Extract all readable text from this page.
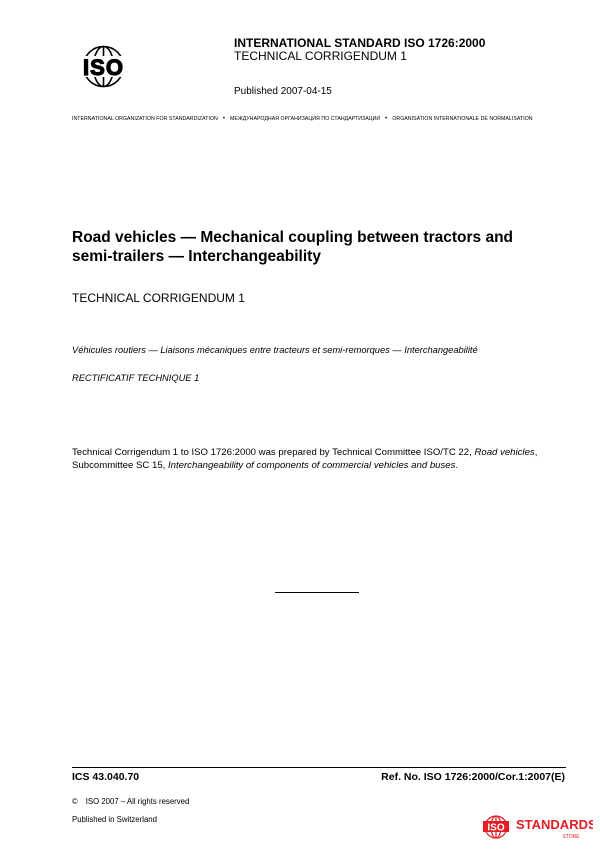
ISO
INTERNATIONAL STANDARD ISO 1726:2000
TECHNICAL CORRIGENDUM 1
Published 2007-04-15
INTERNATIONAL ORGANIZATION FOR STANDARDIZATION • МЕЖДУНАРОДНАЯ ОРГАНИЗАЦИЯ ПО СТАНДАРТИЗАЦИИ • ORGANISATION INTERNATIONALE DE NORMALISATION
Road vehicles — Mechanical coupling between tractors and
semi-trailers — Interchangeability
TECHNICAL CORRIGENDUM 1
Véhicules routiers — Liaisons mécaniques entre tracteurs et semi-remorques — Interchangeabilité
RECTIFICATIF TECHNIQUE 1
Technical Corrigendum 1 to ISO 1726:2000 was prepared by Technical Committee ISO/TC 22, Road vehicles, Subcommittee SC 15, Interchangeability of components of commercial vehicles and buses.
ICS 43.040.70	Ref. No. ISO 1726:2000/Cor.1:2007(E)
© ISO 2007 – All rights reserved
Published in Switzerland
ISO STANDARDS
STORE
